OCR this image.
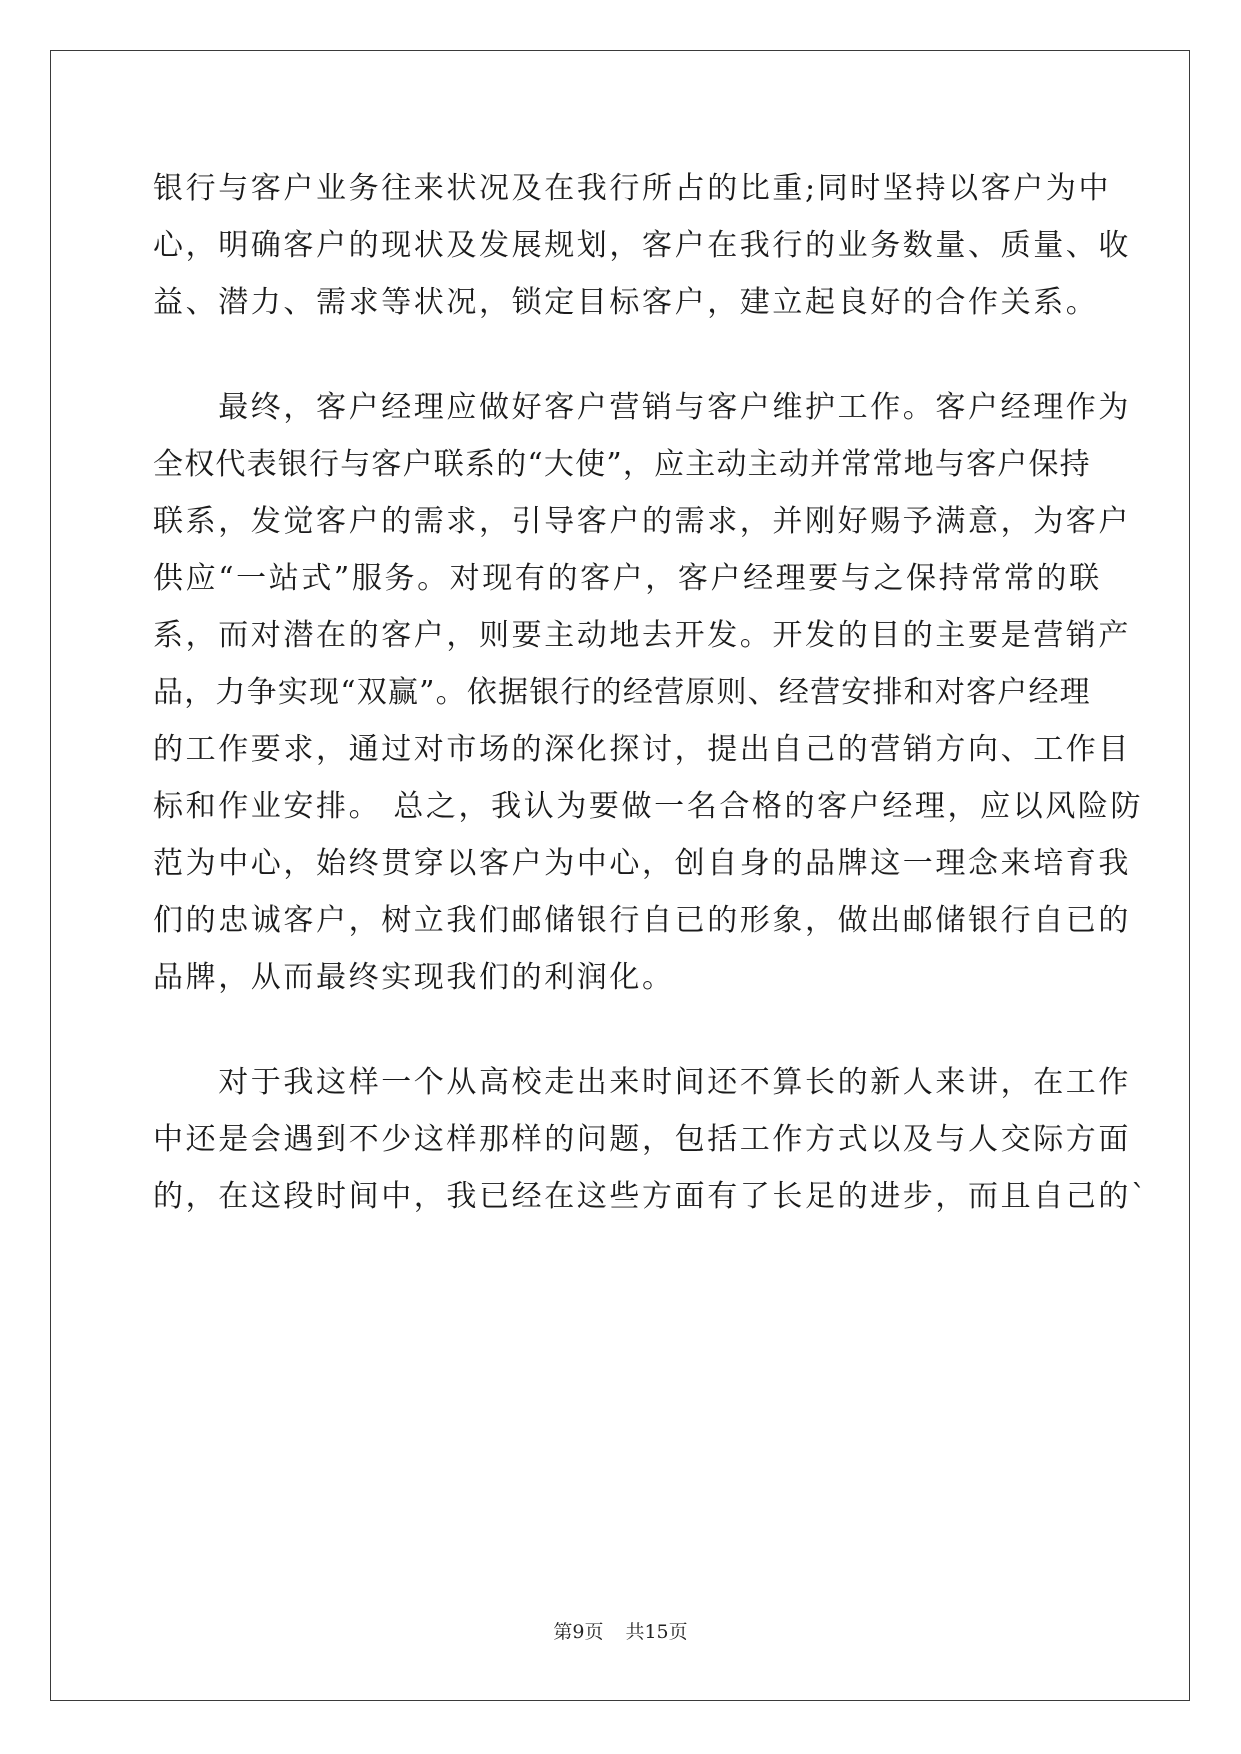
银行与客户业务往来状况及在我行所占的比重;同时坚持以客户为中
心，明确客户的现状及发展规划，客户在我行的业务数量、质量、收
益、潜力、需求等状况，锁定目标客户，建立起良好的合作关系。
　　最终，客户经理应做好客户营销与客户维护工作。客户经理作为
全权代表银行与客户联系的“大使”，应主动主动并常常地与客户保持
联系，发觉客户的需求，引导客户的需求，并刚好赐予满意，为客户
供应“一站式”服务。对现有的客户，客户经理要与之保持常常的联
系，而对潜在的客户，则要主动地去开发。开发的目的主要是营销产
品，力争实现“双赢”。依据银行的经营原则、经营安排和对客户经理
的工作要求，通过对市场的深化探讨，提出自己的营销方向、工作目
标和作业安排。 总之，我认为要做一名合格的客户经理，应以风险防
范为中心，始终贯穿以客户为中心，创自身的品牌这一理念来培育我
们的忠诚客户，树立我们邮储银行自已的形象，做出邮储银行自已的
品牌，从而最终实现我们的利润化。
　　对于我这样一个从高校走出来时间还不算长的新人来讲，在工作
中还是会遇到不少这样那样的问题，包括工作方式以及与人交际方面
的，在这段时间中，我已经在这些方面有了长足的进步，而且自己的`
第9页 共15页
